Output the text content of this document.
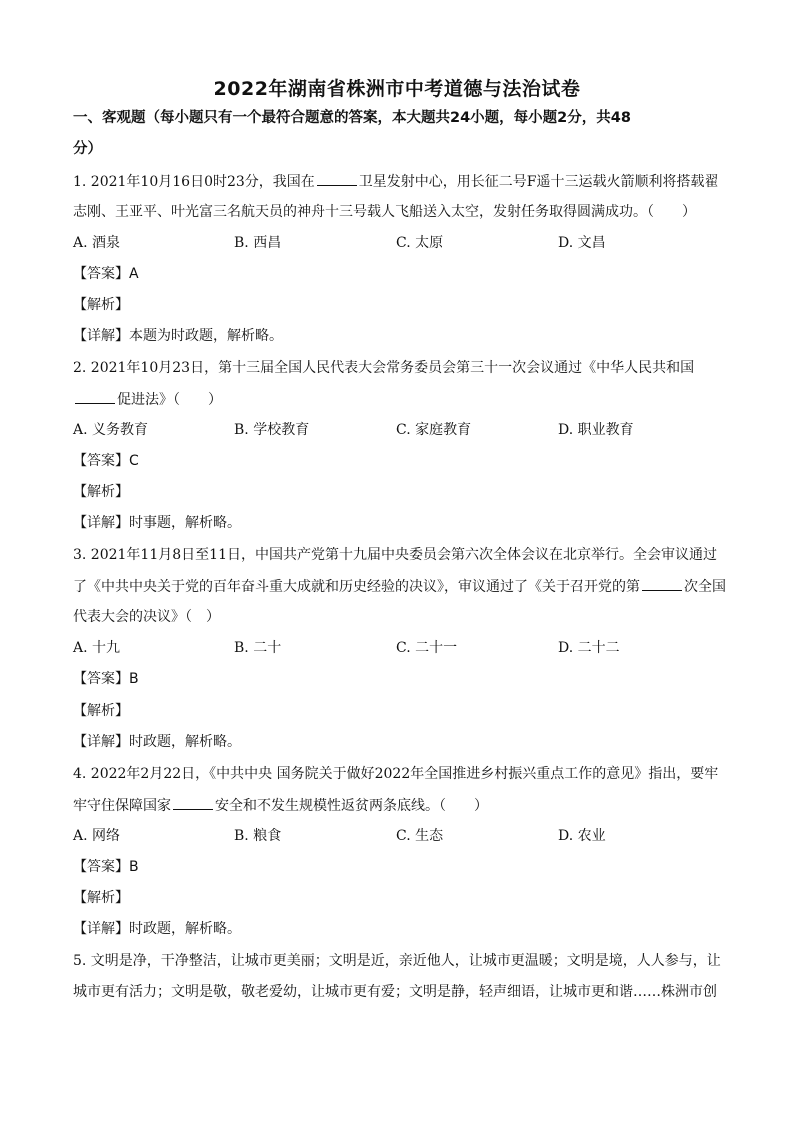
2022年湖南省株洲市中考道德与法治试卷
一、客观题（每小题只有一个最符合题意的答案，本大题共24小题，每小题2分，共48
分）
1. 2021年10月16日0时23分，我国在	卫星发射中心，用长征二号F遥十三运载火箭顺利将搭载翟
志刚、王亚平、叶光富三名航天员的神舟十三号载人飞船送入太空，发射任务取得圆满成功。（　　）
A. 酒泉	B. 西昌	C. 太原	D. 文昌
【答案】A
【解析】
【详解】本题为时政题，解析略。
2. 2021年10月23日，第十三届全国人民代表大会常务委员会第三十一次会议通过《中华人民共和国
促进法》（　　）
A. 义务教育	B. 学校教育	C. 家庭教育	D. 职业教育
【答案】C
【解析】
【详解】时事题，解析略。
3. 2021年11月8日至11日，中国共产党第十九届中央委员会第六次全体会议在北京举行。全会审议通过
了《中共中央关于党的百年奋斗重大成就和历史经验的决议》，审议通过了《关于召开党的第	次全国
代表大会的决议》（　）
A. 十九	B. 二十	C. 二十一	D. 二十二
【答案】B
【解析】
【详解】时政题，解析略。
4. 2022年2月22日，《中共中央 国务院关于做好2022年全国推进乡村振兴重点工作的意见》指出，要牢
牢守住保障国家	安全和不发生规模性返贫两条底线。（　　）
A. 网络	B. 粮食	C. 生态	D. 农业
【答案】B
【解析】
【详解】时政题，解析略。
5. 文明是净，干净整洁，让城市更美丽；文明是近，亲近他人，让城市更温暖；文明是境，人人参与，让
城市更有活力；文明是敬，敬老爱幼，让城市更有爱；文明是静，轻声细语，让城市更和谐……株洲市创
